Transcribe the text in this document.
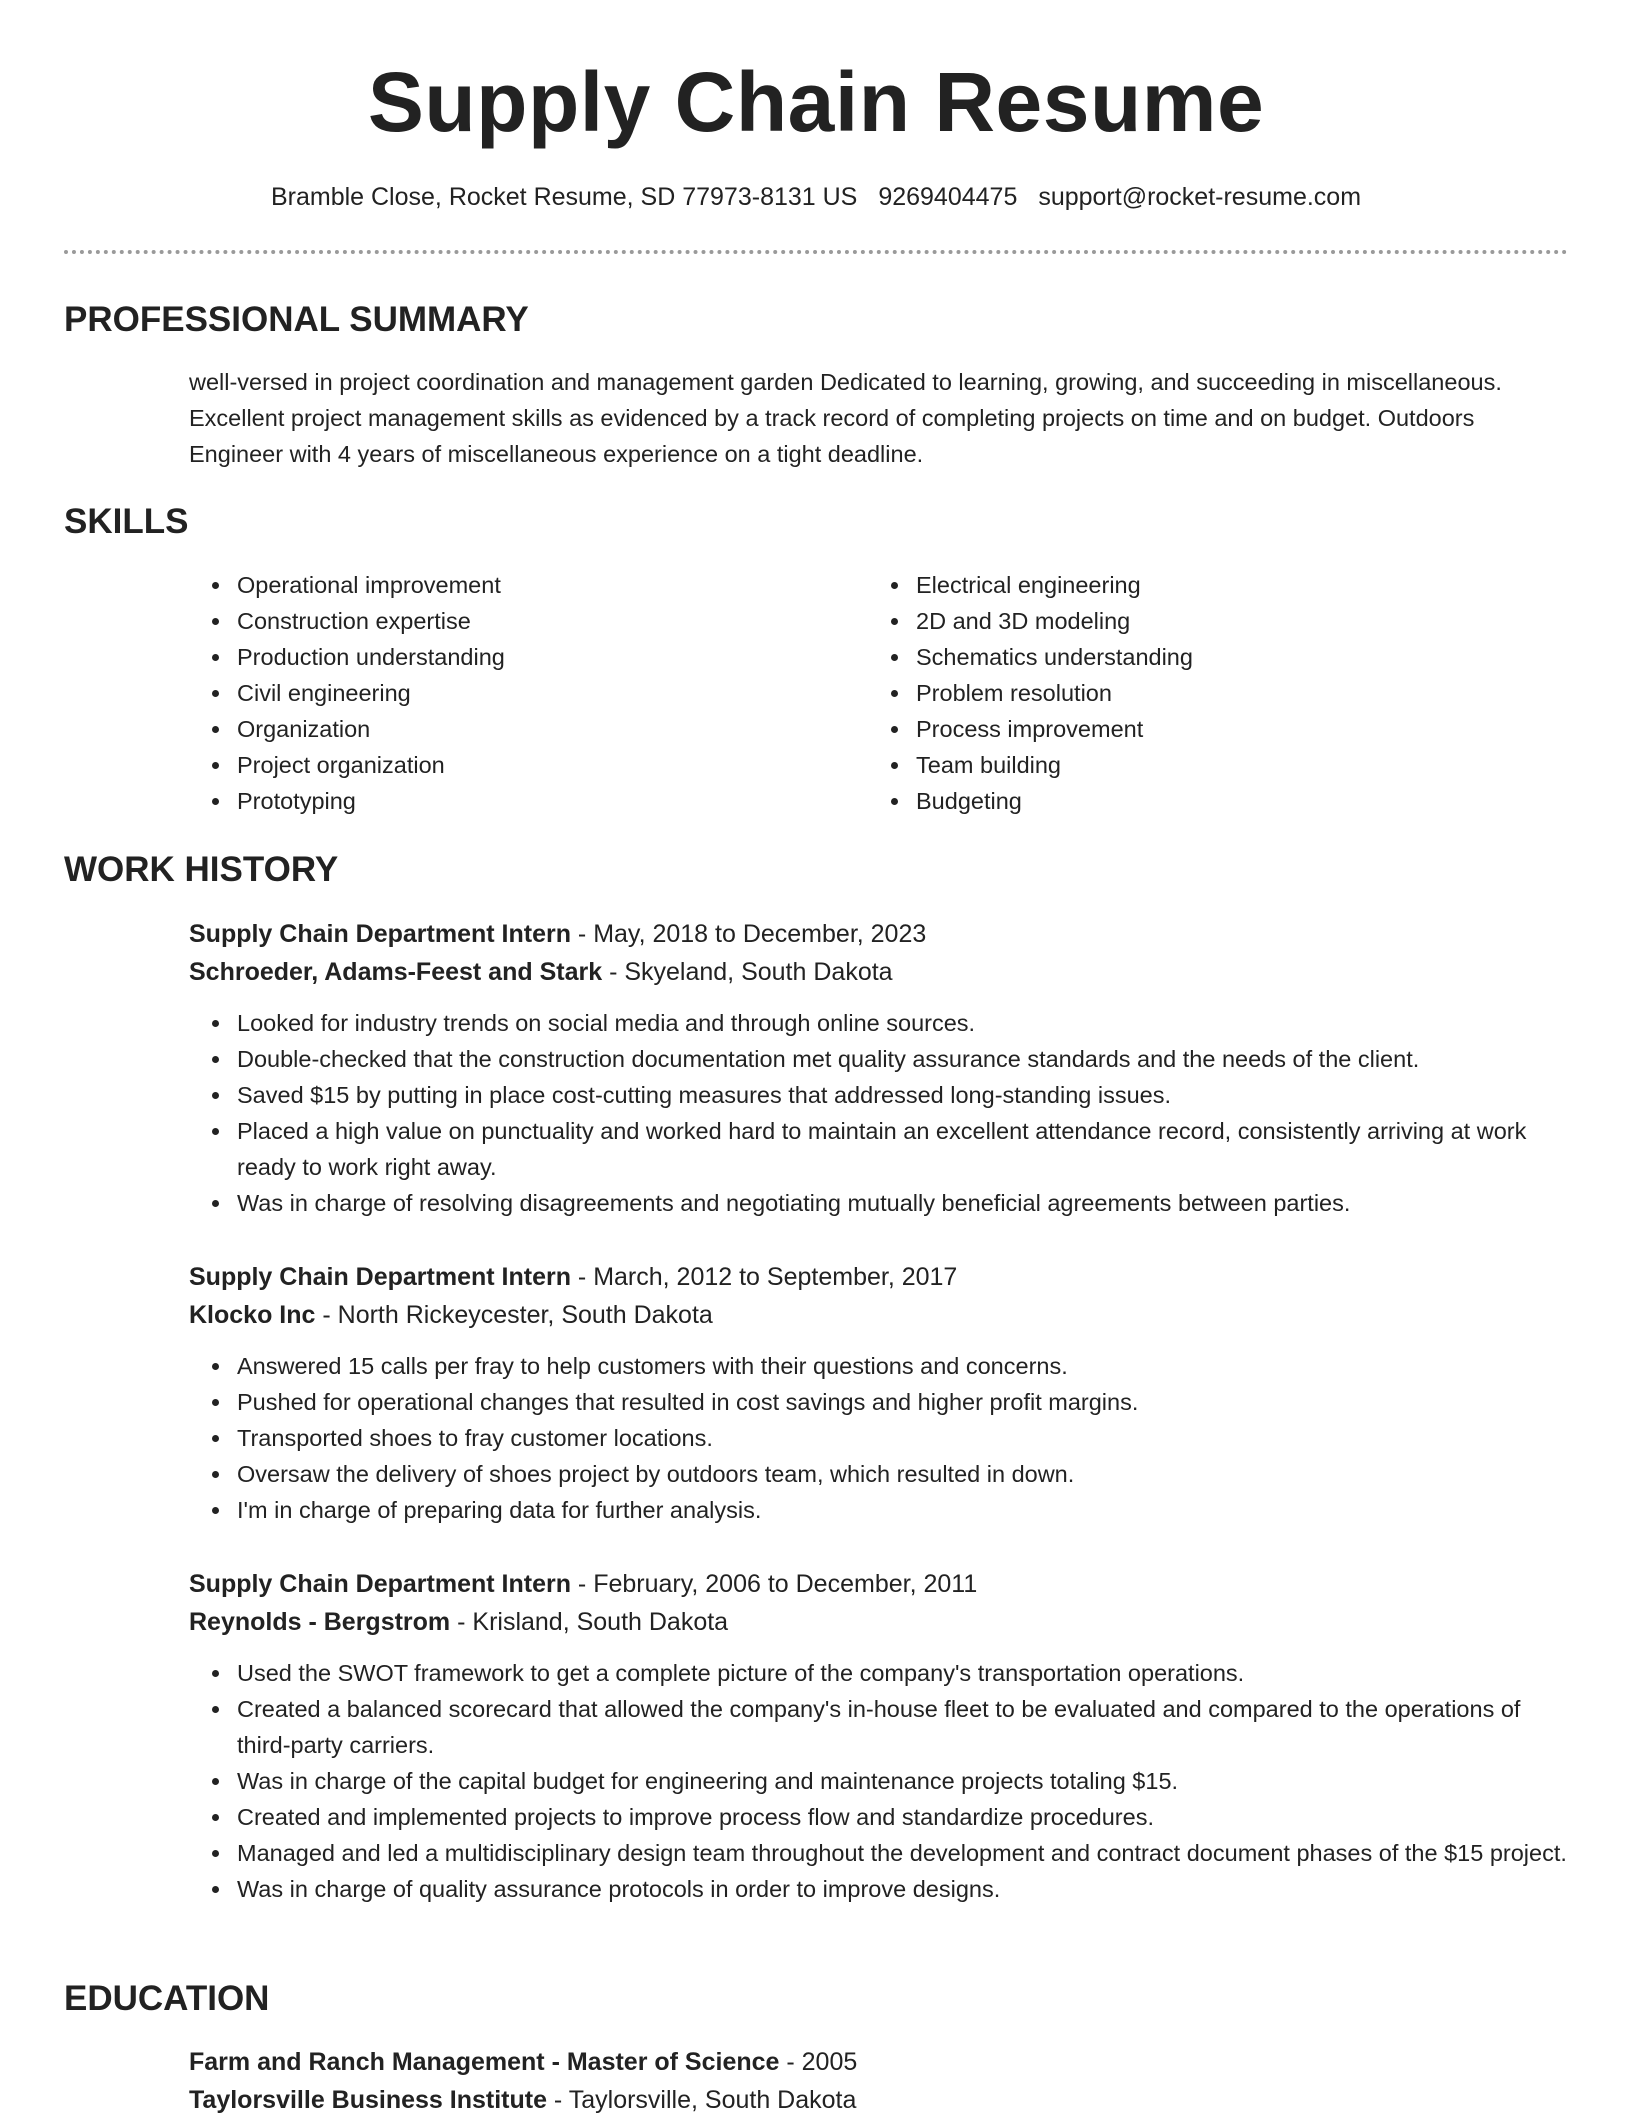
Supply Chain Resume
Bramble Close, Rocket Resume, SD 77973-8131 US 9269404475 support@rocket-resume.com
PROFESSIONAL SUMMARY
well-versed in project coordination and management garden Dedicated to learning, growing, and succeeding in miscellaneous. Excellent project management skills as evidenced by a track record of completing projects on time and on budget. Outdoors Engineer with 4 years of miscellaneous experience on a tight deadline.
SKILLS
• Operational improvement
• Construction expertise
• Production understanding
• Civil engineering
• Organization
• Project organization
• Prototyping
• Electrical engineering
• 2D and 3D modeling
• Schematics understanding
• Problem resolution
• Process improvement
• Team building
• Budgeting
WORK HISTORY
Supply Chain Department Intern - May, 2018 to December, 2023
Schroeder, Adams-Feest and Stark - Skyeland, South Dakota
• Looked for industry trends on social media and through online sources.
• Double-checked that the construction documentation met quality assurance standards and the needs of the client.
• Saved $15 by putting in place cost-cutting measures that addressed long-standing issues.
• Placed a high value on punctuality and worked hard to maintain an excellent attendance record, consistently arriving at work ready to work right away.
• Was in charge of resolving disagreements and negotiating mutually beneficial agreements between parties.
Supply Chain Department Intern - March, 2012 to September, 2017
Klocko Inc - North Rickeycester, South Dakota
• Answered 15 calls per fray to help customers with their questions and concerns.
• Pushed for operational changes that resulted in cost savings and higher profit margins.
• Transported shoes to fray customer locations.
• Oversaw the delivery of shoes project by outdoors team, which resulted in down.
• I'm in charge of preparing data for further analysis.
Supply Chain Department Intern - February, 2006 to December, 2011
Reynolds - Bergstrom - Krisland, South Dakota
• Used the SWOT framework to get a complete picture of the company's transportation operations.
• Created a balanced scorecard that allowed the company's in-house fleet to be evaluated and compared to the operations of third-party carriers.
• Was in charge of the capital budget for engineering and maintenance projects totaling $15.
• Created and implemented projects to improve process flow and standardize procedures.
• Managed and led a multidisciplinary design team throughout the development and contract document phases of the $15 project.
• Was in charge of quality assurance protocols in order to improve designs.
EDUCATION
Farm and Ranch Management - Master of Science - 2005
Taylorsville Business Institute - Taylorsville, South Dakota
